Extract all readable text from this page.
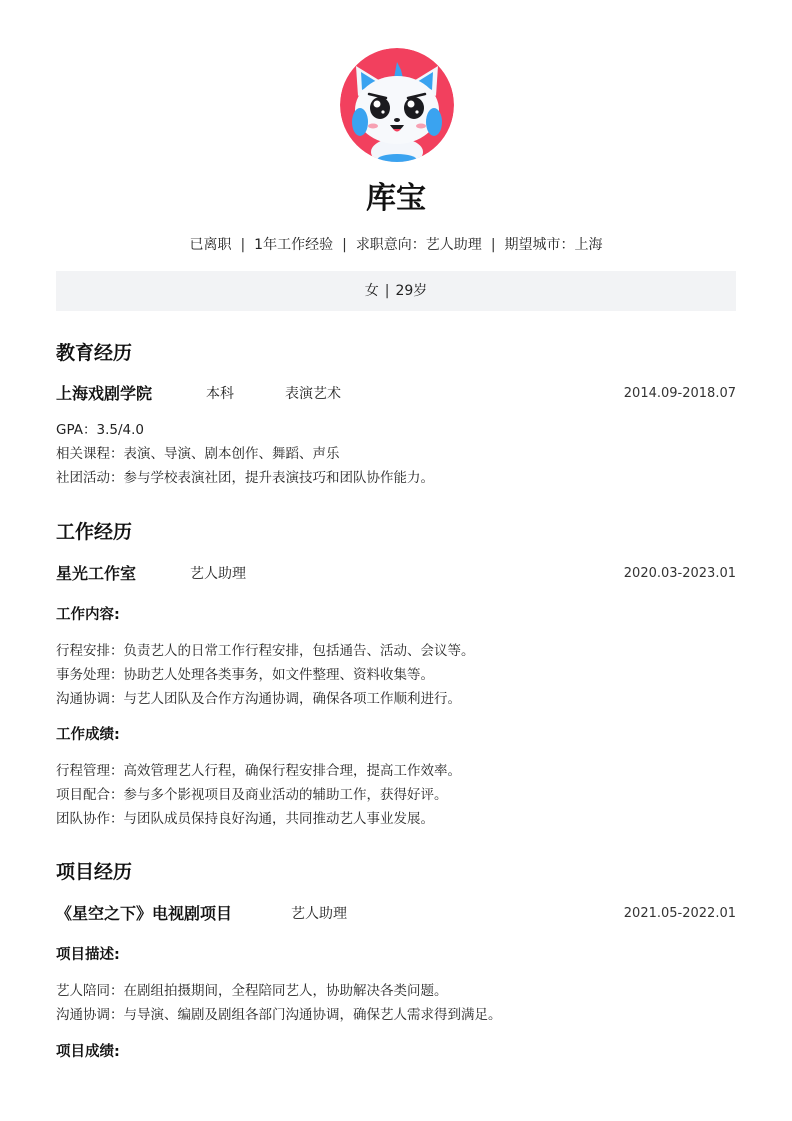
库宝
已离职 | 1年工作经验 | 求职意向：艺人助理 | 期望城市：上海
女 | 29岁
教育经历
上海戏剧学院	本科	表演艺术	2014.09-2018.07
GPA：3.5/4.0
相关课程：表演、导演、剧本创作、舞蹈、声乐
社团活动：参与学校表演社团，提升表演技巧和团队协作能力。
工作经历
星光工作室	艺人助理	2020.03-2023.01
工作内容:
行程安排：负责艺人的日常工作行程安排，包括通告、活动、会议等。
事务处理：协助艺人处理各类事务，如文件整理、资料收集等。
沟通协调：与艺人团队及合作方沟通协调，确保各项工作顺利进行。
工作成绩:
行程管理：高效管理艺人行程，确保行程安排合理，提高工作效率。
项目配合：参与多个影视项目及商业活动的辅助工作，获得好评。
团队协作：与团队成员保持良好沟通，共同推动艺人事业发展。
项目经历
《星空之下》电视剧项目	艺人助理	2021.05-2022.01
项目描述:
艺人陪同：在剧组拍摄期间，全程陪同艺人，协助解决各类问题。
沟通协调：与导演、编剧及剧组各部门沟通协调，确保艺人需求得到满足。
项目成绩:
